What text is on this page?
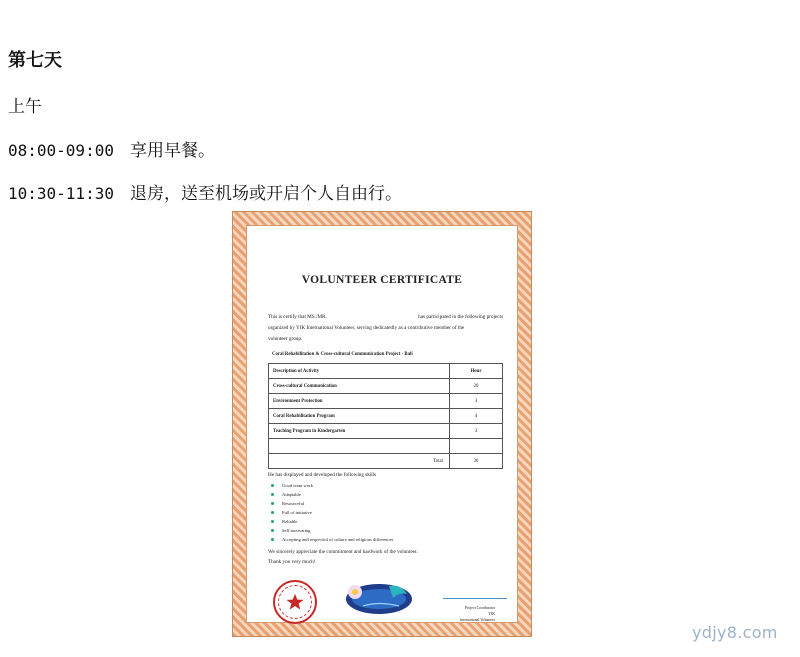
第七天
上午
08:00-09:00 享用早餐。
10:30-11:30 退房，送至机场或开启个人自由行。
VOLUNTEER CERTIFICATE
This is certify that MS./MR.	has participated in the following projects
organized by YIK International Volunteer, serving dedicatedly as a contributive member of the
volunteer group.
Coral Rehabilitation & Cross-cultural Communication Project - Bali
Description of Activity	Hour
Cross-cultural Communication	20
Environment Protection	3
Coral Rehabilitation Program	4
Teaching Program in Kindergarten	3

Total	30
He has displayed and developed the following skills
Good team work
Adaptable
Resourceful
Full of initiative
Reliable
Self motivating
Accepting and respectful of culture and religious differences
We sincerely appreciate the commitment and hardwork of the volunteer.
Thank you very much!
Project Coordinator
YIK
International Volunteer
ydjy8.com
